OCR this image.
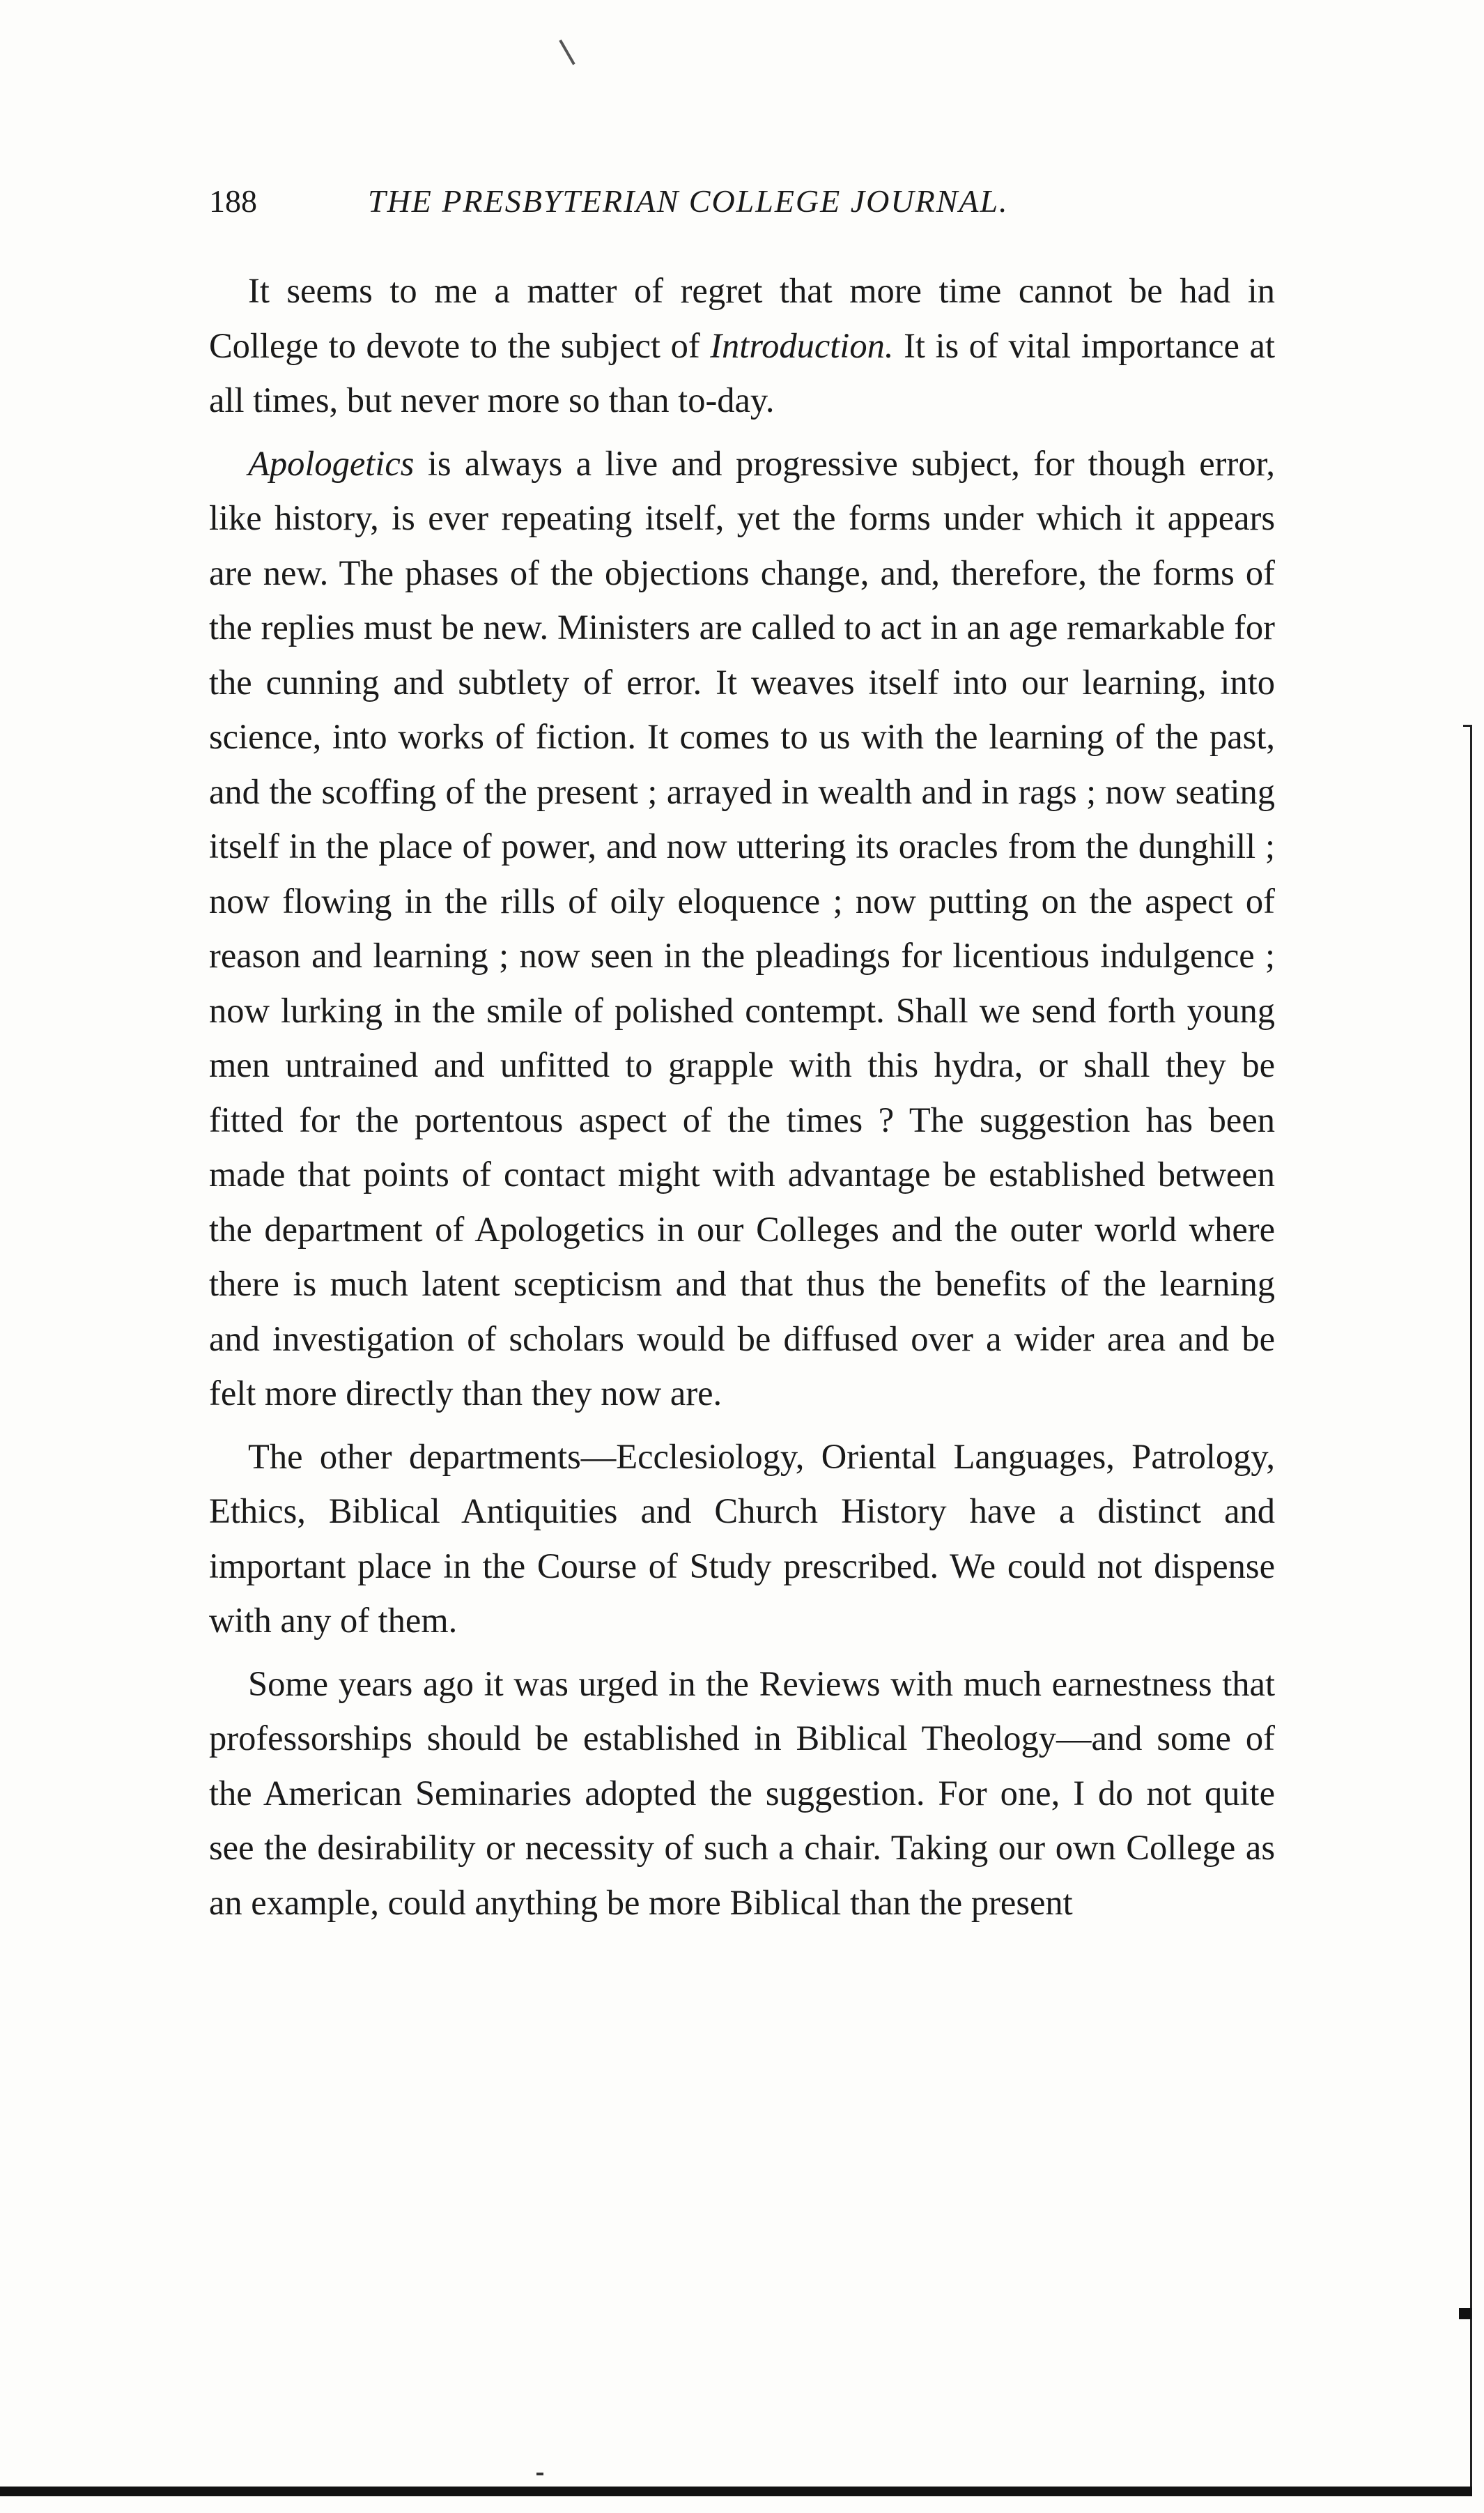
188	THE PRESBYTERIAN COLLEGE JOURNAL.

It seems to me a matter of regret that more time cannot be had in College to devote to the subject of Introduction. It is of vital importance at all times, but never more so than to-day.

Apologetics is always a live and progressive subject, for though error, like history, is ever repeating itself, yet the forms under which it appears are new. The phases of the objections change, and, therefore, the forms of the replies must be new. Ministers are called to act in an age remarkable for the cunning and subtlety of error. It weaves itself into our learning, into science, into works of fiction. It comes to us with the learning of the past, and the scoffing of the present ; arrayed in wealth and in rags ; now seating itself in the place of power, and now uttering its oracles from the dunghill ; now flowing in the rills of oily eloquence ; now putting on the aspect of reason and learning ; now seen in the pleadings for licentious indulgence ; now lurking in the smile of polished contempt. Shall we send forth young men untrained and unfitted to grapple with this hydra, or shall they be fitted for the portentous aspect of the times ? The suggestion has been made that points of contact might with advantage be established between the department of Apologetics in our Colleges and the outer world where there is much latent scepticism and that thus the benefits of the learning and investigation of scholars would be diffused over a wider area and be felt more directly than they now are.

The other departments—Ecclesiology, Oriental Languages, Patrology, Ethics, Biblical Antiquities and Church History have a distinct and important place in the Course of Study prescribed. We could not dispense with any of them.

Some years ago it was urged in the Reviews with much earnestness that professorships should be established in Biblical Theology—and some of the American Seminaries adopted the suggestion. For one, I do not quite see the desirability or necessity of such a chair. Taking our own College as an example, could anything be more Biblical than the present
